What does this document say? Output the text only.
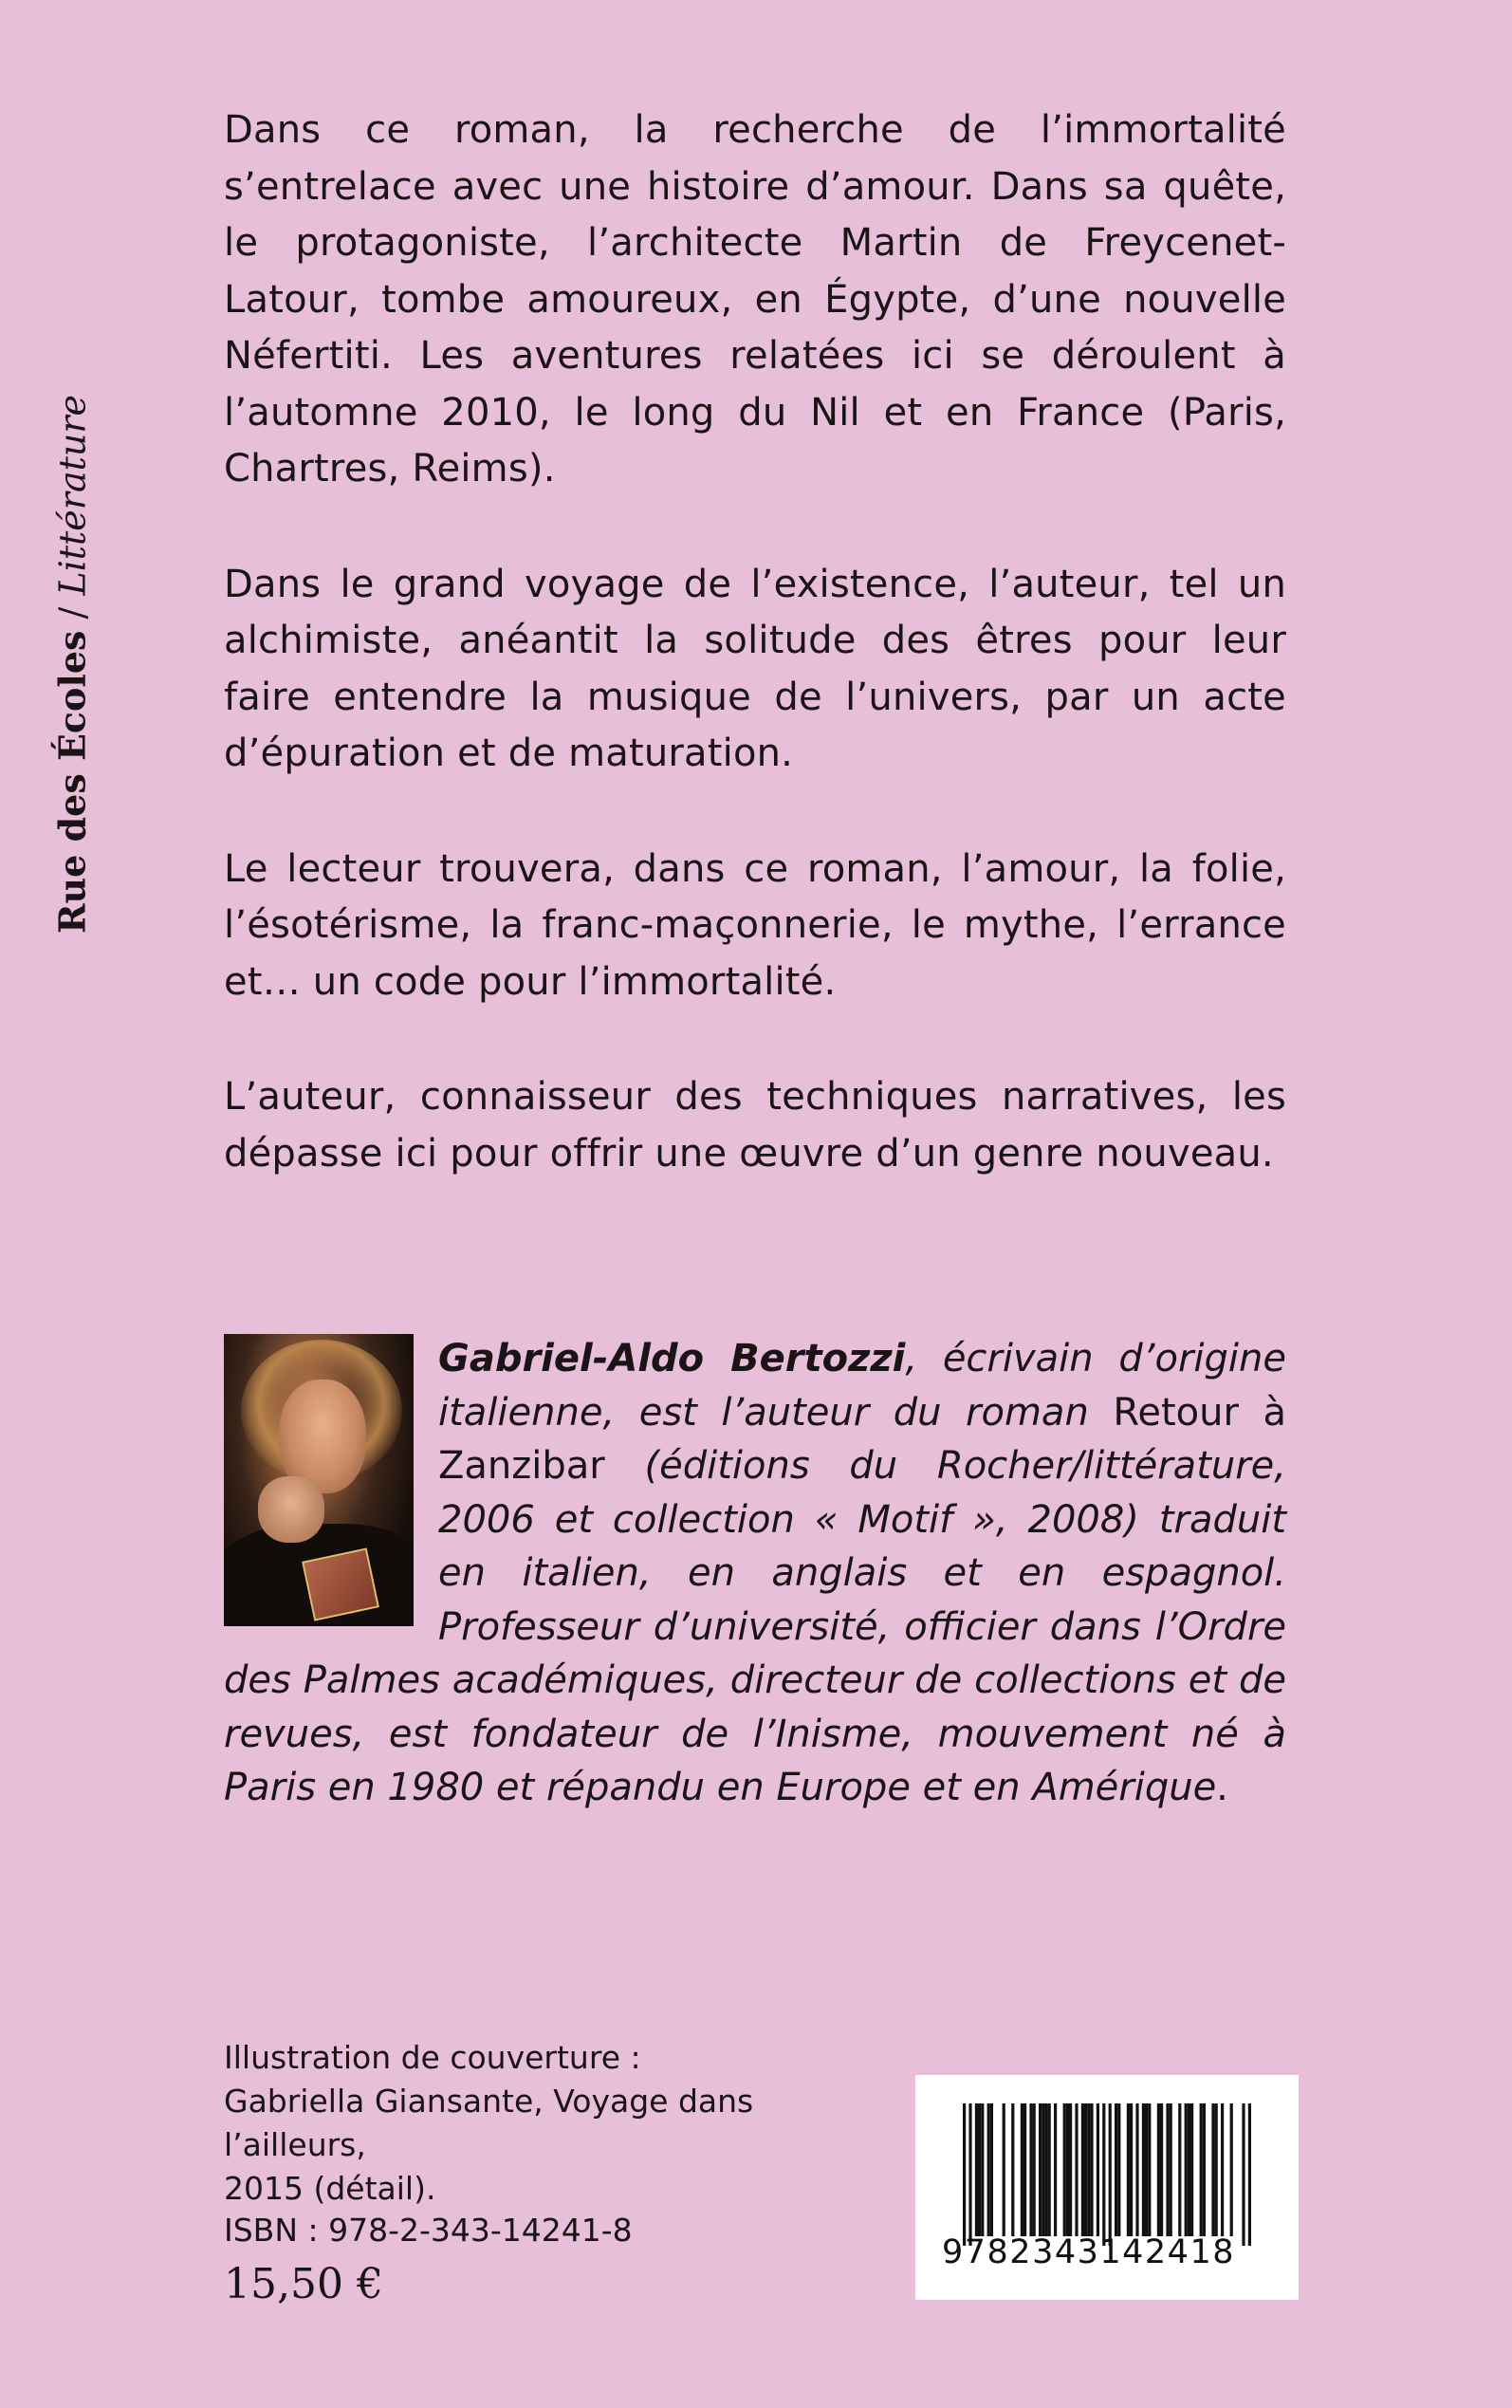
Rue des Écoles / Littérature

Dans ce roman, la recherche de l’immortalité s’entrelace avec une histoire d’amour. Dans sa quête, le protagoniste, l’architecte Martin de Freycenet-Latour, tombe amoureux, en Égypte, d’une nouvelle Néfertiti. Les aventures relatées ici se déroulent à l’automne 2010, le long du Nil et en France (Paris, Chartres, Reims).

Dans le grand voyage de l’existence, l’auteur, tel un alchimiste, anéantit la solitude des êtres pour leur faire entendre la musique de l’univers, par un acte d’épuration et de maturation.

Le lecteur trouvera, dans ce roman, l’amour, la folie, l’ésotérisme, la franc-maçonnerie, le mythe, l’errance et… un code pour l’immortalité.

L’auteur, connaisseur des techniques narratives, les dépasse ici pour offrir une œuvre d’un genre nouveau.

Gabriel-Aldo Bertozzi, écrivain d’origine italienne, est l’auteur du roman Retour à Zanzibar (éditions du Rocher/littérature, 2006 et collection « Motif », 2008) traduit en italien, en anglais et en espagnol. Professeur d’université, officier dans l’Ordre des Palmes académiques, directeur de collections et de revues, est fondateur de l’Inisme, mouvement né à Paris en 1980 et répandu en Europe et en Amérique.
Illustration de couverture :
Gabriella Giansante, Voyage dans l’ailleurs,
2015 (détail).
ISBN : 978-2-343-14241-8
15,50 €
9782343142418
